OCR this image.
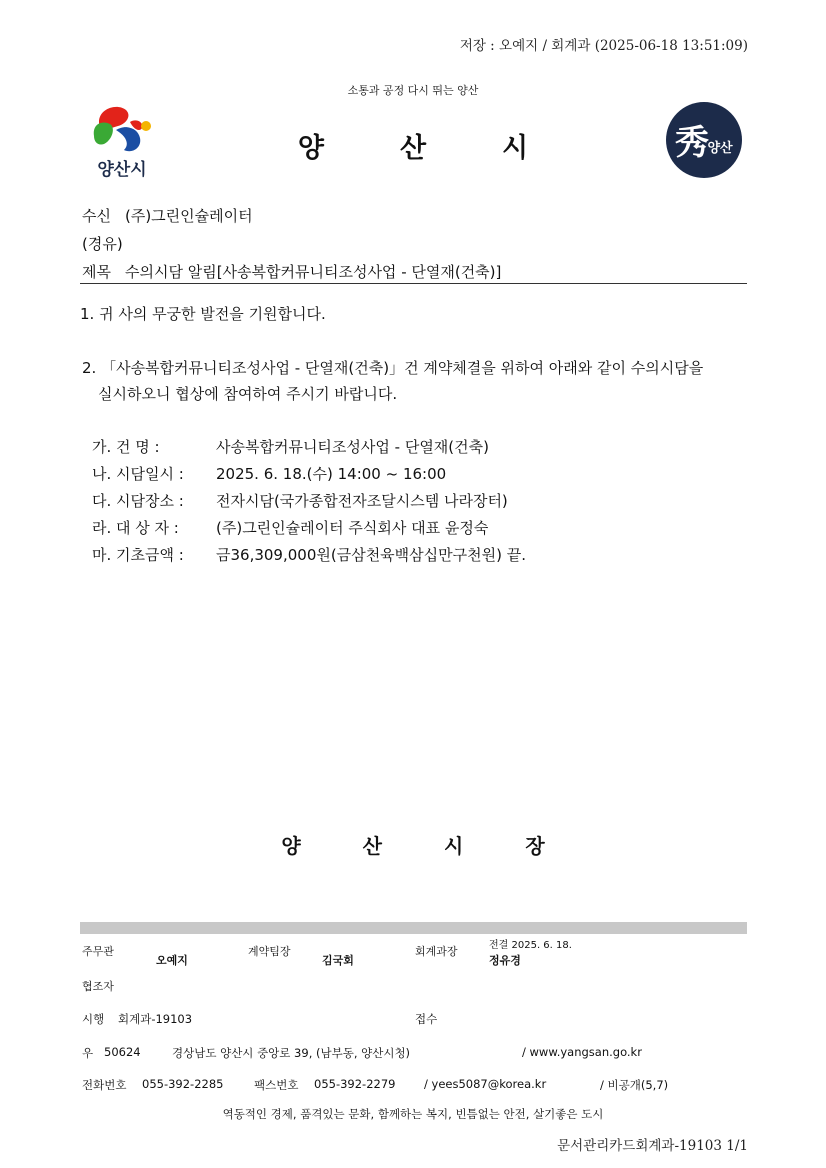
저장 : 오예지 / 회계과 (2025-06-18 13:51:09)
소통과 공정 다시 뛰는 양산
양산시
양	산	시	秀
양산
수신 (주)그린인슐레이터
(경유)
제목 수의시담 알림[사송복합커뮤니티조성사업 - 단열재(건축)]
1. 귀 사의 무궁한 발전을 기원합니다.
2. 「사송복합커뮤니티조성사업 - 단열재(건축)」건 계약체결을 위하여 아래와 같이 수의시담을
실시하오니 협상에 참여하여 주시기 바랍니다.
가. 건 명 :	사송복합커뮤니티조성사업 - 단열재(건축)
나. 시담일시 : 2025. 6. 18.(수) 14:00 ~ 16:00
다. 시담장소 : 전자시담(국가종합전자조달시스템 나라장터)
라. 대 상 자 : (주)그린인슐레이터 주식회사 대표 윤정숙
마. 기초금액 : 금36,309,000원(금삼천육백삼십만구천원) 끝.
양	산	시	장
주무관
오예지
계약팀장
김국회
회계과장	전결 2025. 6. 18.
정유경
협조자
시행 회계과-19103	접수
우 50624	경상남도 양산시 중앙로 39, (남부동, 양산시청)	/ www.yangsan.go.kr
전화번호 055-392-2285	팩스번호 055-392-2279 / yees5087@korea.kr	/ 비공개(5,7)
역동적인 경제, 품격있는 문화, 함께하는 복지, 빈틈없는 안전, 살기좋은 도시
문서관리카드회계과-19103 1/1
